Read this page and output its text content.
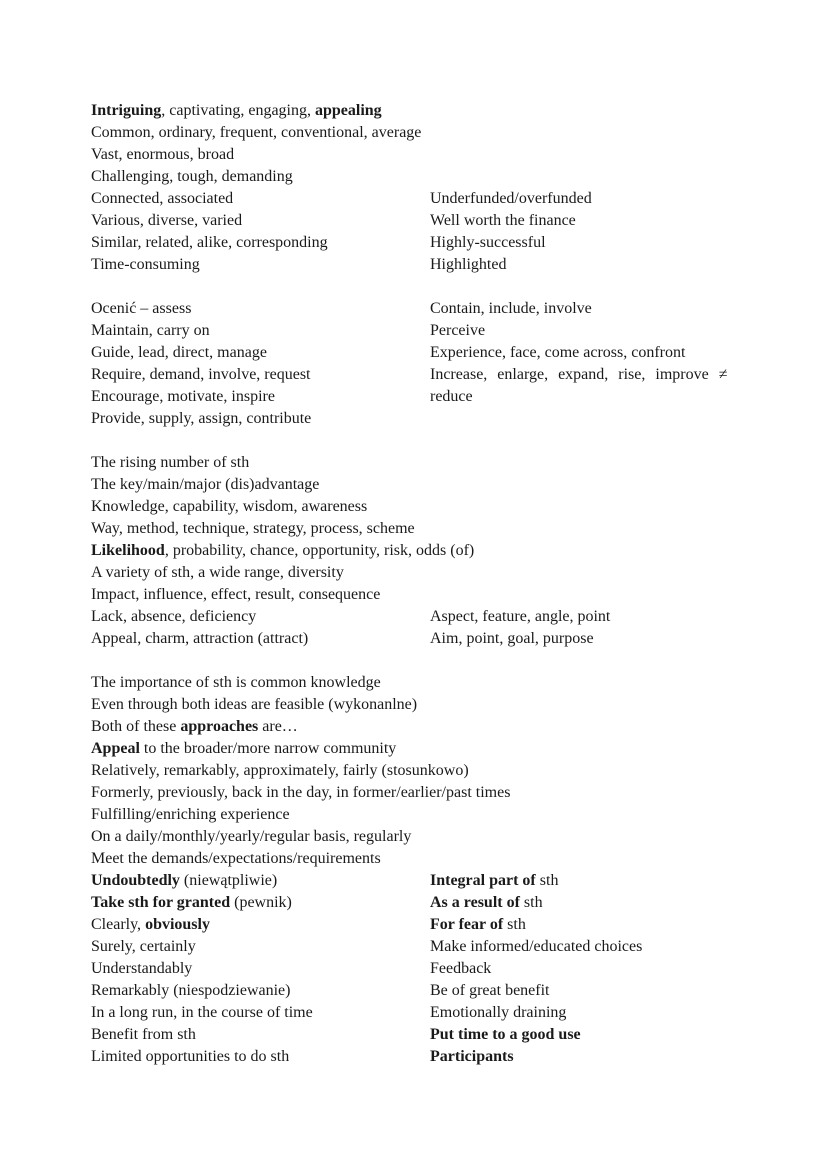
Intriguing, captivating, engaging, appealing
Common, ordinary, frequent, conventional, average
Vast, enormous, broad
Challenging, tough, demanding
Connected, associated	Underfunded/overfunded
Various, diverse, varied	Well worth the finance
Similar, related, alike, corresponding	Highly-successful
Time-consuming	Highlighted
Ocenić – assess	Contain, include, involve
Maintain, carry on	Perceive
Guide, lead, direct, manage	Experience, face, come across, confront
Require, demand, involve, request	Increase, enlarge, expand, rise, improve ≠
Encourage, motivate, inspire	reduce
Provide, supply, assign, contribute
The rising number of sth
The key/main/major (dis)advantage
Knowledge, capability, wisdom, awareness
Way, method, technique, strategy, process, scheme
Likelihood, probability, chance, opportunity, risk, odds (of)
A variety of sth, a wide range, diversity
Impact, influence, effect, result, consequence
Lack, absence, deficiency	Aspect, feature, angle, point
Appeal, charm, attraction (attract)	Aim, point, goal, purpose
The importance of sth is common knowledge
Even through both ideas are feasible (wykonanlne)
Both of these approaches are…
Appeal to the broader/more narrow community
Relatively, remarkably, approximately, fairly (stosunkowo)
Formerly, previously, back in the day, in former/earlier/past times
Fulfilling/enriching experience
On a daily/monthly/yearly/regular basis, regularly
Meet the demands/expectations/requirements
Undoubtedly (niewątpliwie)	Integral part of sth
Take sth for granted (pewnik)	As a result of sth
Clearly, obviously	For fear of sth
Surely, certainly	Make informed/educated choices
Understandably	Feedback
Remarkably (niespodziewanie)	Be of great benefit
In a long run, in the course of time	Emotionally draining
Benefit from sth	Put time to a good use
Limited opportunities to do sth	Participants
